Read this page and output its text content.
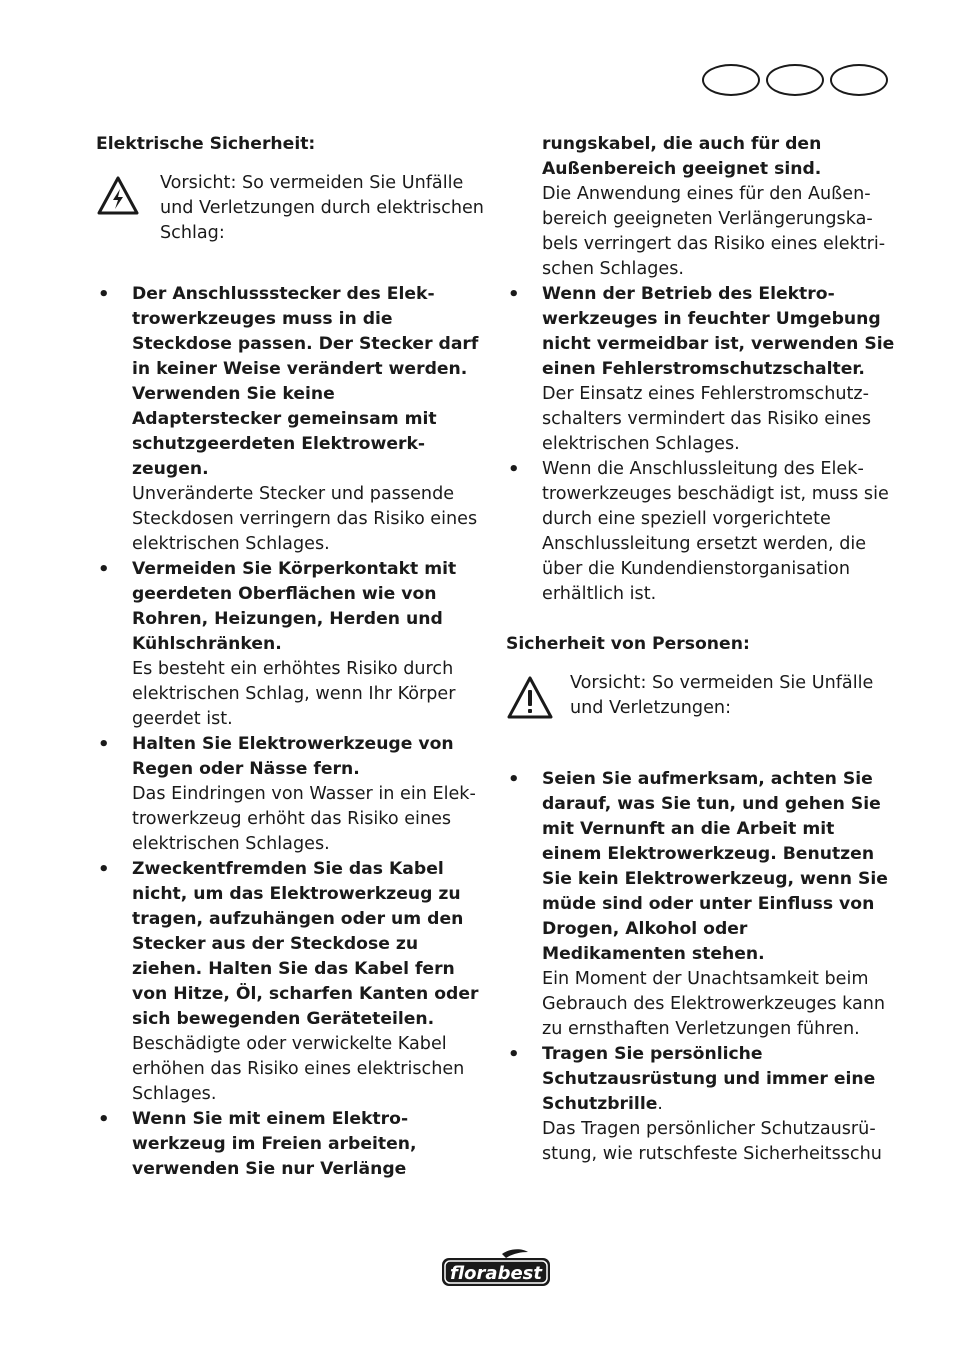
Elektrische Sicherheit:
Vorsicht: So vermeiden Sie Unfälle und Verletzungen durch elektrischen Schlag:
• Der Anschlussstecker des Elektrowerkzeuges muss in die Steckdose passen. Der Stecker darf in keiner Weise verändert werden. Verwenden Sie keine Adapterstecker gemeinsam mit schutzgeerdeten Elektrowerkzeugen.
Unveränderte Stecker und passende Steckdosen verringern das Risiko eines elektrischen Schlages.
• Vermeiden Sie Körperkontakt mit geerdeten Oberflächen wie von Rohren, Heizungen, Herden und Kühlschränken.
Es besteht ein erhöhtes Risiko durch elektrischen Schlag, wenn Ihr Körper geerdet ist.
• Halten Sie Elektrowerkzeuge von Regen oder Nässe fern.
Das Eindringen von Wasser in ein Elektrowerkzeug erhöht das Risiko eines elektrischen Schlages.
• Zweckentfremden Sie das Kabel nicht, um das Elektrowerkzeug zu tragen, aufzuhängen oder um den Stecker aus der Steckdose zu ziehen. Halten Sie das Kabel fern von Hitze, Öl, scharfen Kanten oder sich bewegenden Geräteteilen.
Beschädigte oder verwickelte Kabel erhöhen das Risiko eines elektrischen Schlages.
• Wenn Sie mit einem Elektrowerkzeug im Freien arbeiten, verwenden Sie nur Verlänge
rungskabel, die auch für den Außenbereich geeignet sind.
Die Anwendung eines für den Außenbereich geeigneten Verlängerungskabels verringert das Risiko eines elektrischen Schlages.
• Wenn der Betrieb des Elektrowerkzeuges in feuchter Umgebung nicht vermeidbar ist, verwenden Sie einen Fehlerstromschutzschalter.
Der Einsatz eines Fehlerstromschutzschalters vermindert das Risiko eines elektrischen Schlages.
• Wenn die Anschlussleitung des Elektrowerkzeuges beschädigt ist, muss sie durch eine speziell vorgerichtete Anschlussleitung ersetzt werden, die über die Kundendienstorganisation erhältlich ist.
Sicherheit von Personen:
Vorsicht: So vermeiden Sie Unfälle und Verletzungen:
• Seien Sie aufmerksam, achten Sie darauf, was Sie tun, und gehen Sie mit Vernunft an die Arbeit mit einem Elektrowerkzeug. Benutzen Sie kein Elektrowerkzeug, wenn Sie müde sind oder unter Einfluss von Drogen, Alkohol oder Medikamenten stehen.
Ein Moment der Unachtsamkeit beim Gebrauch des Elektrowerkzeuges kann zu ernsthaften Verletzungen führen.
• Tragen Sie persönliche Schutzausrüstung und immer eine Schutzbrille.
Das Tragen persönlicher Schutzausrüstung, wie rutschfeste Sicherheitsschu
florabest
